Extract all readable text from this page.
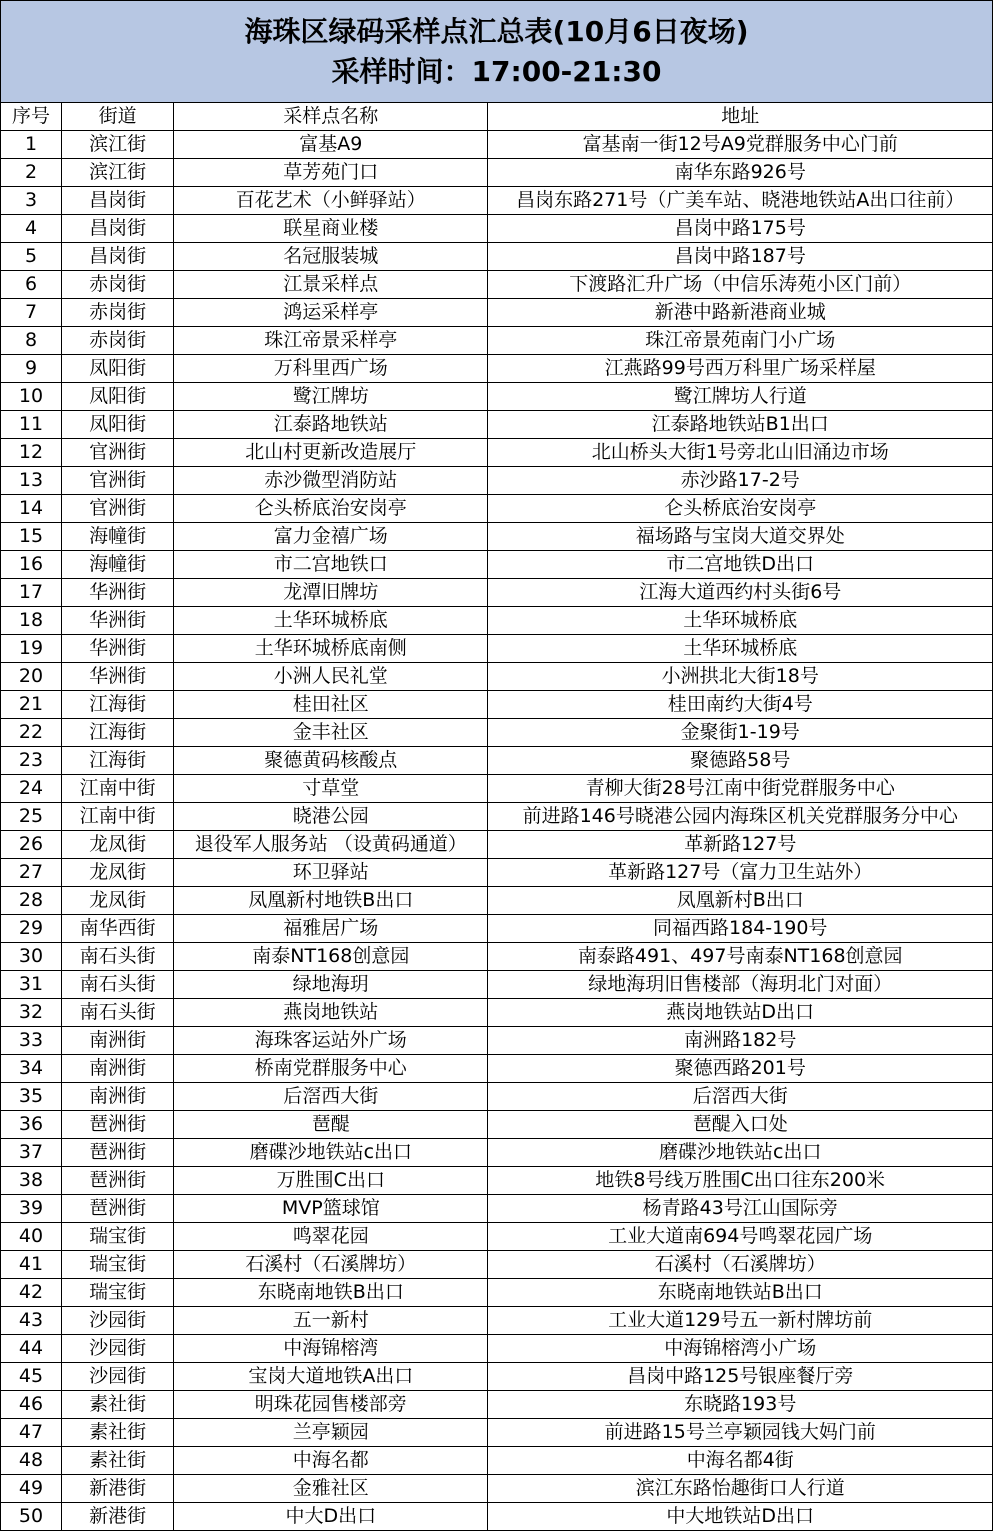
海珠区绿码采样点汇总表(10月6日夜场)
采样时间：17:00-21:30
序号	街道	采样点名称	地址
1	滨江街	富基A9	富基南一街12号A9党群服务中心门前
2	滨江街	草芳苑门口	南华东路926号
3	昌岗街	百花艺术（小鲜驿站）	昌岗东路271号（广美车站、晓港地铁站A出口往前）
4	昌岗街	联星商业楼	昌岗中路175号
5	昌岗街	名冠服装城	昌岗中路187号
6	赤岗街	江景采样点	下渡路汇升广场（中信乐涛苑小区门前）
7	赤岗街	鸿运采样亭	新港中路新港商业城
8	赤岗街	珠江帝景采样亭	珠江帝景苑南门小广场
9	凤阳街	万科里西广场	江燕路99号西万科里广场采样屋
10	凤阳街	鹭江牌坊	鹭江牌坊人行道
11	凤阳街	江泰路地铁站	江泰路地铁站B1出口
12	官洲街	北山村更新改造展厅	北山桥头大街1号旁北山旧涌边市场
13	官洲街	赤沙微型消防站	赤沙路17-2号
14	官洲街	仑头桥底治安岗亭	仑头桥底治安岗亭
15	海幢街	富力金禧广场	福场路与宝岗大道交界处
16	海幢街	市二宫地铁口	市二宫地铁D出口
17	华洲街	龙潭旧牌坊	江海大道西约村头街6号
18	华洲街	土华环城桥底	土华环城桥底
19	华洲街	土华环城桥底南侧	土华环城桥底
20	华洲街	小洲人民礼堂	小洲拱北大街18号
21	江海街	桂田社区	桂田南约大街4号
22	江海街	金丰社区	金聚街1-19号
23	江海街	聚德黄码核酸点	聚德路58号
24	江南中街	寸草堂	青柳大街28号江南中街党群服务中心
25	江南中街	晓港公园	前进路146号晓港公园内海珠区机关党群服务分中心
26	龙凤街	退役军人服务站 （设黄码通道）	革新路127号
27	龙凤街	环卫驿站	革新路127号（富力卫生站外）
28	龙凤街	凤凰新村地铁B出口	凤凰新村B出口
29	南华西街	福雅居广场	同福西路184-190号
30	南石头街	南泰NT168创意园	南泰路491、497号南泰NT168创意园
31	南石头街	绿地海玥	绿地海玥旧售楼部（海玥北门对面）
32	南石头街	燕岗地铁站	燕岗地铁站D出口
33	南洲街	海珠客运站外广场	南洲路182号
34	南洲街	桥南党群服务中心	聚德西路201号
35	南洲街	后滘西大街	后滘西大街
36	琶洲街	琶醍	琶醍入口处
37	琶洲街	磨碟沙地铁站c出口	磨碟沙地铁站c出口
38	琶洲街	万胜围C出口	地铁8号线万胜围C出口往东200米
39	琶洲街	MVP篮球馆	杨青路43号江山国际旁
40	瑞宝街	鸣翠花园	工业大道南694号鸣翠花园广场
41	瑞宝街	石溪村（石溪牌坊）	石溪村（石溪牌坊）
42	瑞宝街	东晓南地铁B出口	东晓南地铁站B出口
43	沙园街	五一新村	工业大道129号五一新村牌坊前
44	沙园街	中海锦榕湾	中海锦榕湾小广场
45	沙园街	宝岗大道地铁A出口	昌岗中路125号银座餐厅旁
46	素社街	明珠花园售楼部旁	东晓路193号
47	素社街	兰亭颖园	前进路15号兰亭颖园钱大妈门前
48	素社街	中海名都	中海名都4街
49	新港街	金雅社区	滨江东路怡趣街口人行道
50	新港街	中大D出口	中大地铁站D出口
